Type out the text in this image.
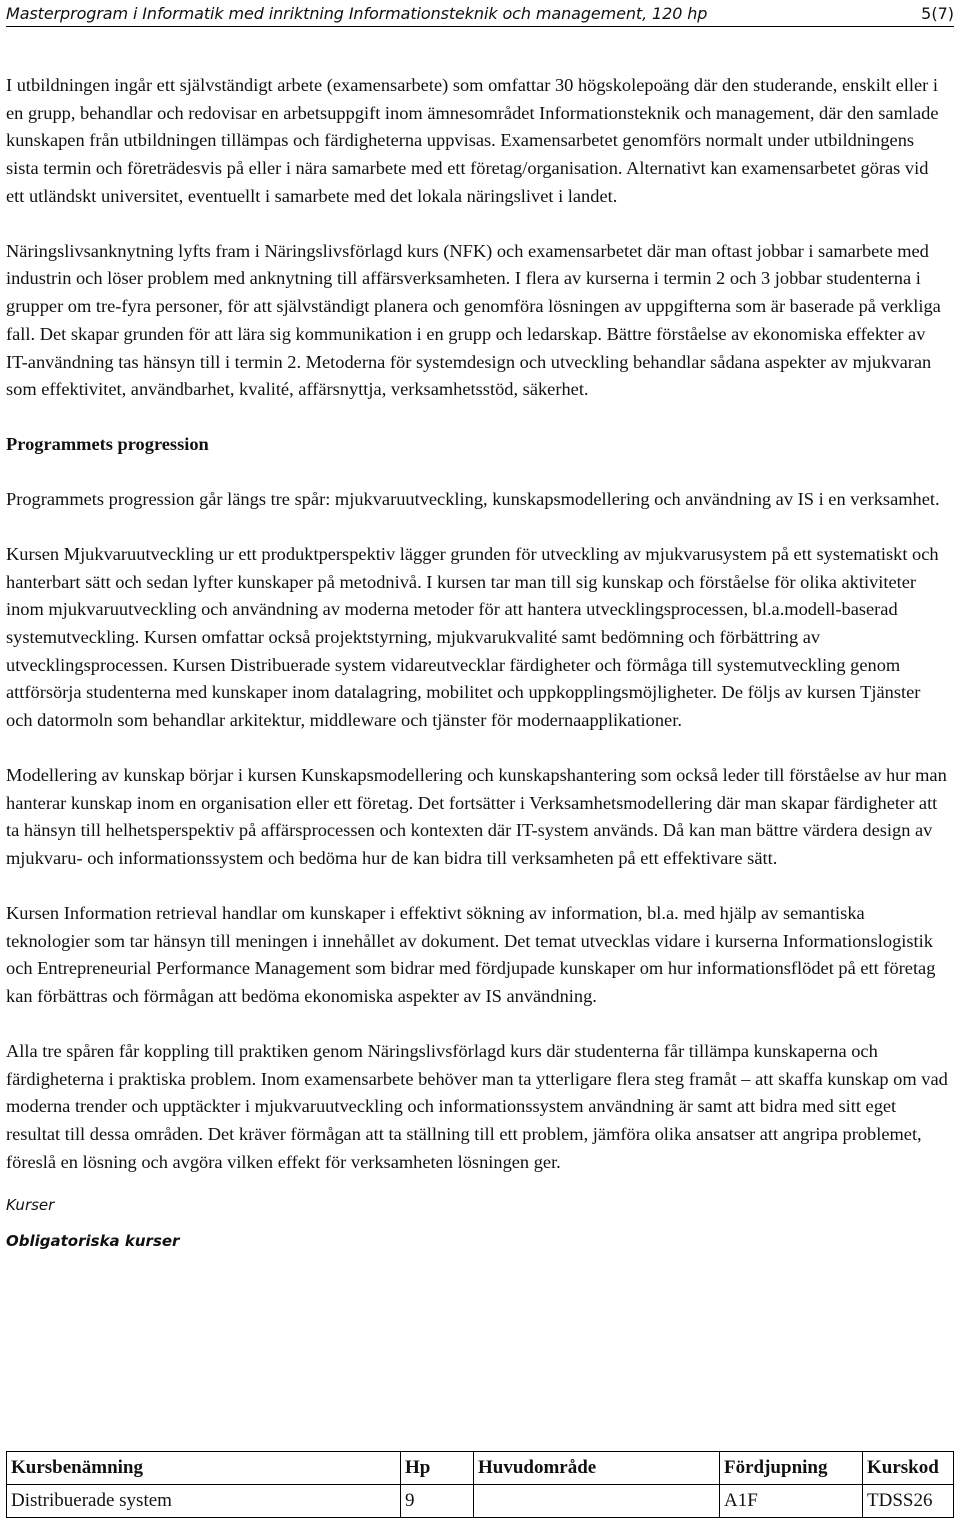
Masterprogram i Informatik med inriktning Informationsteknik och management, 120 hp	5(7)

I utbildningen ingår ett självständigt arbete (examensarbete) som omfattar 30 högskolepoäng där den studerande, enskilt eller i en grupp, behandlar och redovisar en arbetsuppgift inom ämnesområdet Informationsteknik och management, där den samlade kunskapen från utbildningen tillämpas och färdigheterna uppvisas. Examensarbetet genomförs normalt under utbildningens sista termin och företrädesvis på eller i nära samarbete med ett företag/organisation. Alternativt kan examensarbetet göras vid ett utländskt universitet, eventuellt i samarbete med det lokala näringslivet i landet.

Näringslivsanknytning lyfts fram i Näringslivsförlagd kurs (NFK) och examensarbetet där man oftast jobbar i samarbete med industrin och löser problem med anknytning till affärsverksamheten. I flera av kurserna i termin 2 och 3 jobbar studenterna i grupper om tre-fyra personer, för att självständigt planera och genomföra lösningen av uppgifterna som är baserade på verkliga fall. Det skapar grunden för att lära sig kommunikation i en grupp och ledarskap. Bättre förståelse av ekonomiska effekter av IT-användning tas hänsyn till i termin 2. Metoderna för systemdesign och utveckling behandlar sådana aspekter av mjukvaran som effektivitet, användbarhet, kvalité, affärsnyttja, verksamhetsstöd, säkerhet.

Programmets progression

Programmets progression går längs tre spår: mjukvaruutveckling, kunskapsmodellering och användning av IS i en verksamhet.

Kursen Mjukvaruutveckling ur ett produktperspektiv lägger grunden för utveckling av mjukvarusystem på ett systematiskt och hanterbart sätt och sedan lyfter kunskaper på metodnivå. I kursen tar man till sig kunskap och förståelse för olika aktiviteter inom mjukvaruutveckling och användning av moderna metoder för att hantera utvecklingsprocessen, bl.a.modell-baserad systemutveckling. Kursen omfattar också projektstyrning, mjukvarukvalité samt bedömning och förbättring av utvecklingsprocessen. Kursen Distribuerade system vidareutvecklar färdigheter och förmåga till systemutveckling genom attförsörja studenterna med kunskaper inom datalagring, mobilitet och uppkopplingsmöjligheter. De följs av kursen Tjänster och datormoln som behandlar arkitektur, middleware och tjänster för modernaapplikationer.

Modellering av kunskap börjar i kursen Kunskapsmodellering och kunskapshantering som också leder till förståelse av hur man hanterar kunskap inom en organisation eller ett företag. Det fortsätter i Verksamhetsmodellering där man skapar färdigheter att ta hänsyn till helhetsperspektiv på affärsprocessen och kontexten där IT-system används. Då kan man bättre värdera design av mjukvaru- och informationssystem och bedöma hur de kan bidra till verksamheten på ett effektivare sätt.

Kursen Information retrieval handlar om kunskaper i effektivt sökning av information, bl.a. med hjälp av semantiska teknologier som tar hänsyn till meningen i innehållet av dokument. Det temat utvecklas vidare i kurserna Informationslogistik och Entrepreneurial Performance Management som bidrar med fördjupade kunskaper om hur informationsflödet på ett företag kan förbättras och förmågan att bedöma ekonomiska aspekter av IS användning.

Alla tre spåren får koppling till praktiken genom Näringslivsförlagd kurs där studenterna får tillämpa kunskaperna och färdigheterna i praktiska problem. Inom examensarbete behöver man ta ytterligare flera steg framåt – att skaffa kunskap om vad moderna trender och upptäckter i mjukvaruutveckling och informationssystem användning är samt att bidra med sitt eget resultat till dessa områden. Det kräver förmågan att ta ställning till ett problem, jämföra olika ansatser att angripa problemet, föreslå en lösning och avgöra vilken effekt för verksamheten lösningen ger.

Kurser

Obligatoriska kurser

Kursbenämning	Hp	Huvudområde	Fördjupning	Kurskod
Distribuerade system	9		A1F	TDSS26
